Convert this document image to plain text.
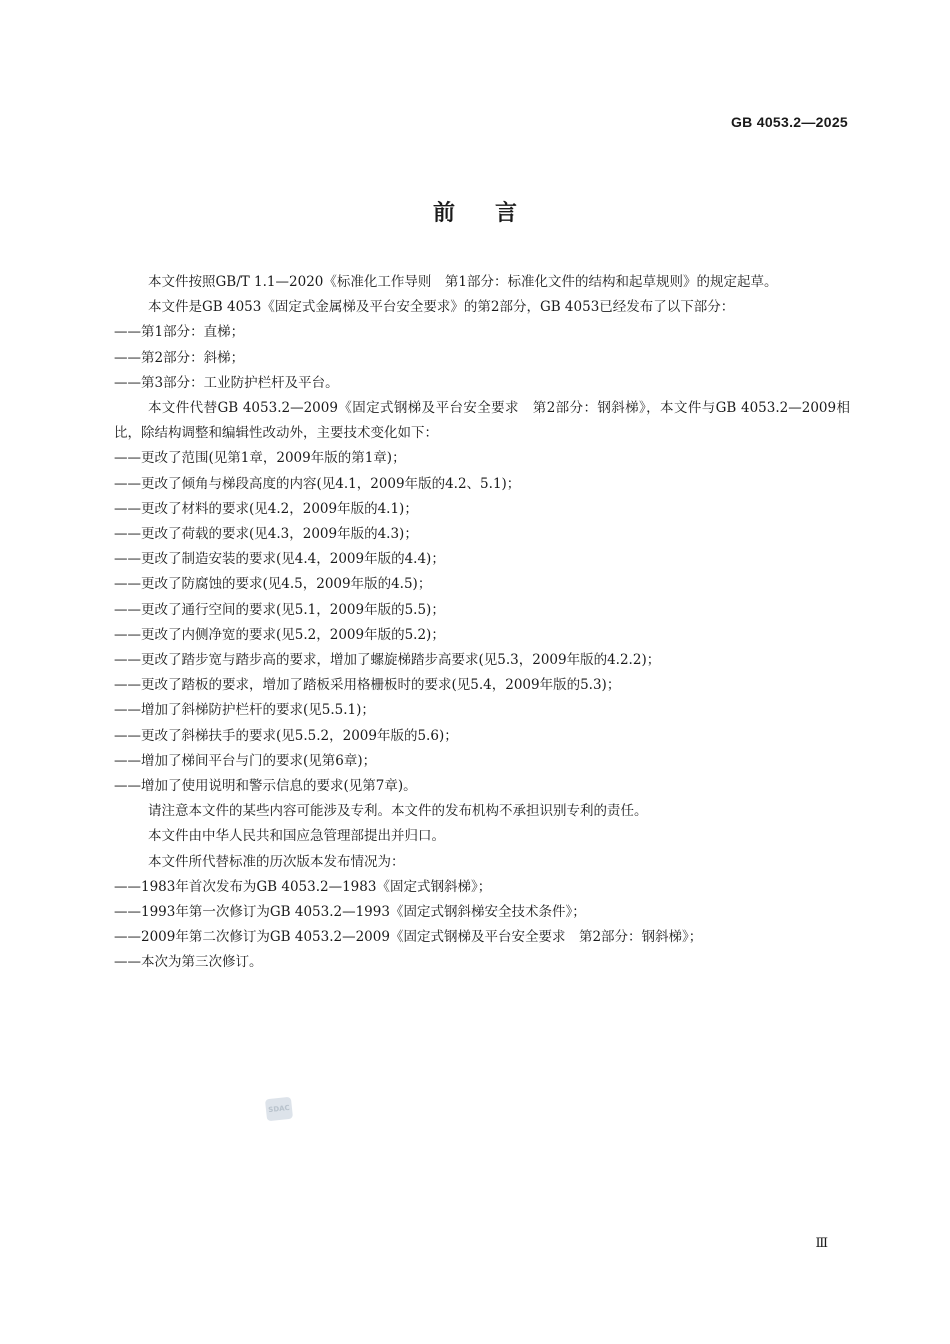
GB 4053.2—2025
前言

本文件按照GB/T 1.1—2020《标准化工作导则　第1部分：标准化文件的结构和起草规则》的规定起草。

本文件是GB 4053《固定式金属梯及平台安全要求》的第2部分，GB 4053已经发布了以下部分：

——第1部分：直梯；

——第2部分：斜梯；

——第3部分：工业防护栏杆及平台。

本文件代替GB 4053.2—2009《固定式钢梯及平台安全要求　第2部分：钢斜梯》，本文件与GB 4053.2—2009相比，除结构调整和编辑性改动外，主要技术变化如下：

——更改了范围(见第1章，2009年版的第1章)；

——更改了倾角与梯段高度的内容(见4.1，2009年版的4.2、5.1)；

——更改了材料的要求(见4.2，2009年版的4.1)；

——更改了荷载的要求(见4.3，2009年版的4.3)；

——更改了制造安装的要求(见4.4，2009年版的4.4)；

——更改了防腐蚀的要求(见4.5，2009年版的4.5)；

——更改了通行空间的要求(见5.1，2009年版的5.5)；

——更改了内侧净宽的要求(见5.2，2009年版的5.2)；

——更改了踏步宽与踏步高的要求，增加了螺旋梯踏步高要求(见5.3，2009年版的4.2.2)；

——更改了踏板的要求，增加了踏板采用格栅板时的要求(见5.4，2009年版的5.3)；

——增加了斜梯防护栏杆的要求(见5.5.1)；

——更改了斜梯扶手的要求(见5.5.2，2009年版的5.6)；

——增加了梯间平台与门的要求(见第6章)；

——增加了使用说明和警示信息的要求(见第7章)。

请注意本文件的某些内容可能涉及专利。本文件的发布机构不承担识别专利的责任。

本文件由中华人民共和国应急管理部提出并归口。

本文件所代替标准的历次版本发布情况为：

——1983年首次发布为GB 4053.2—1983《固定式钢斜梯》；

——1993年第一次修订为GB 4053.2—1993《固定式钢斜梯安全技术条件》；

——2009年第二次修订为GB 4053.2—2009《固定式钢梯及平台安全要求　第2部分：钢斜梯》；

——本次为第三次修订。

SDAC
Ⅲ
